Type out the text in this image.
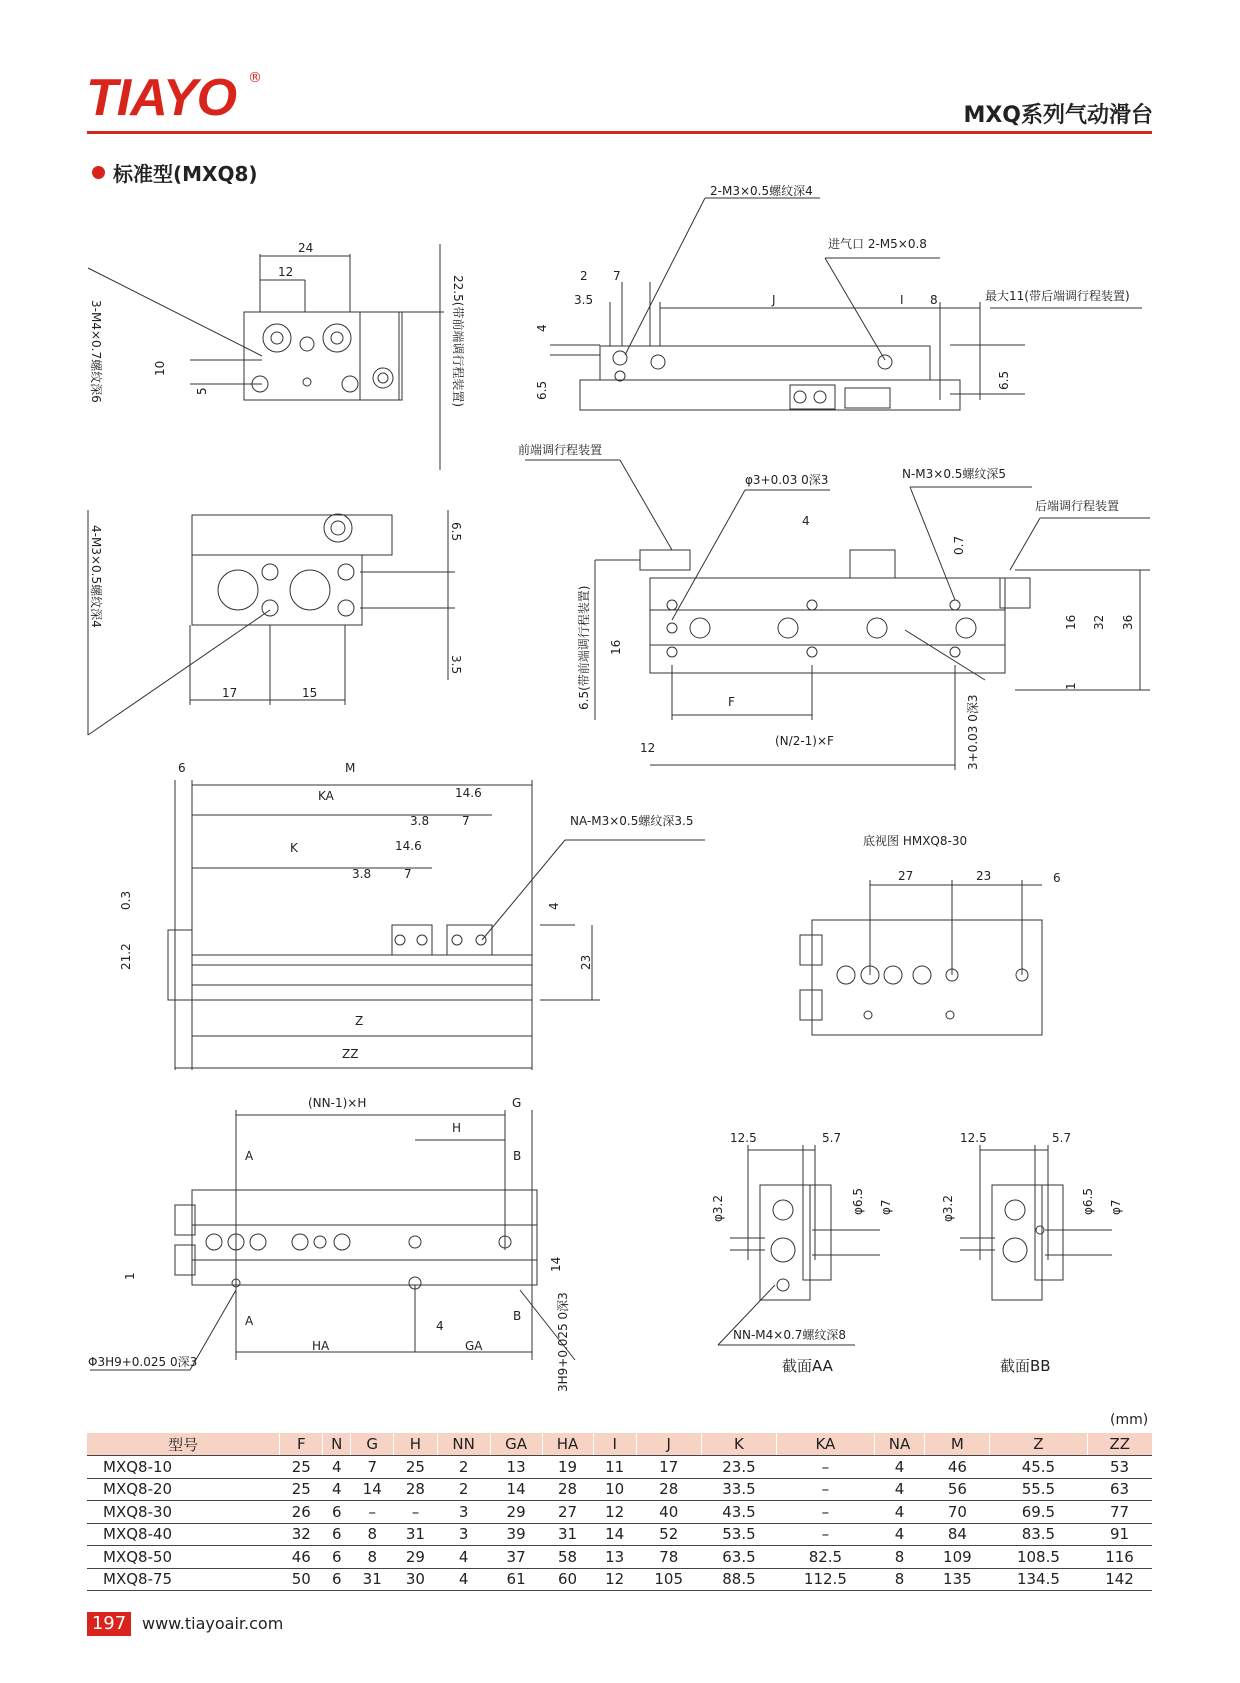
TIAYO ®
MXQ系列气动滑台
标准型(MXQ8)
24
12
3-M4×0.7螺纹深6	10
5	22.5(带前端调行程装置)
4-M3×0.5螺纹深4
17	15
6.5
3.5
2-M3×0.5螺纹深4
进气口 2-M5×0.8
最大11(带后端调行程装置)
2 7
3.5	J	I 8
4
6.5
6.5
前端调行程装置
φ3+0.03 0深3	N-M3×0.5螺纹深5
后端调行程装置
4
0.7
16 32 36
1
16
6.5(带前端调行程装置)	F
(N/2-1)×F
12	3+0.03 0深3
6	M
KA	14.6
3.8	7
K	14.6
3.8	7
NA-M3×0.5螺纹深3.5
0.3
21.2
4
23
Z
ZZ
底视图 HMXQ8-30
27	23	6
(NN-1)×H	G
H
A	B
A	B
1
14
4
HA	GA
Φ3H9+0.025 0深3	3H9+0.025 0深3
12.5	5.7
φ3.2	φ6.5 φ7
NN-M4×0.7螺纹深8
截面AA
12.5	5.7
φ3.2	φ6.5 φ7
截面BB
(mm)
型号	F	N	G	H	NN	GA	HA	I	J	K	KA	NA	M	Z	ZZ
MXQ8-10	25	4	7	25	2	13	19	11	17	23.5	–	4	46	45.5	53
MXQ8-20	25	4	14	28	2	14	28	10	28	33.5	–	4	56	55.5	63
MXQ8-30	26	6	–	–	3	29	27	12	40	43.5	–	4	70	69.5	77
MXQ8-40	32	6	8	31	3	39	31	14	52	53.5	–	4	84	83.5	91
MXQ8-50	46	6	8	29	4	37	58	13	78	63.5	82.5	8	109	108.5	116
MXQ8-75	50	6	31	30	4	61	60	12	105	88.5	112.5	8	135	134.5	142
197 www.tiayoair.com
